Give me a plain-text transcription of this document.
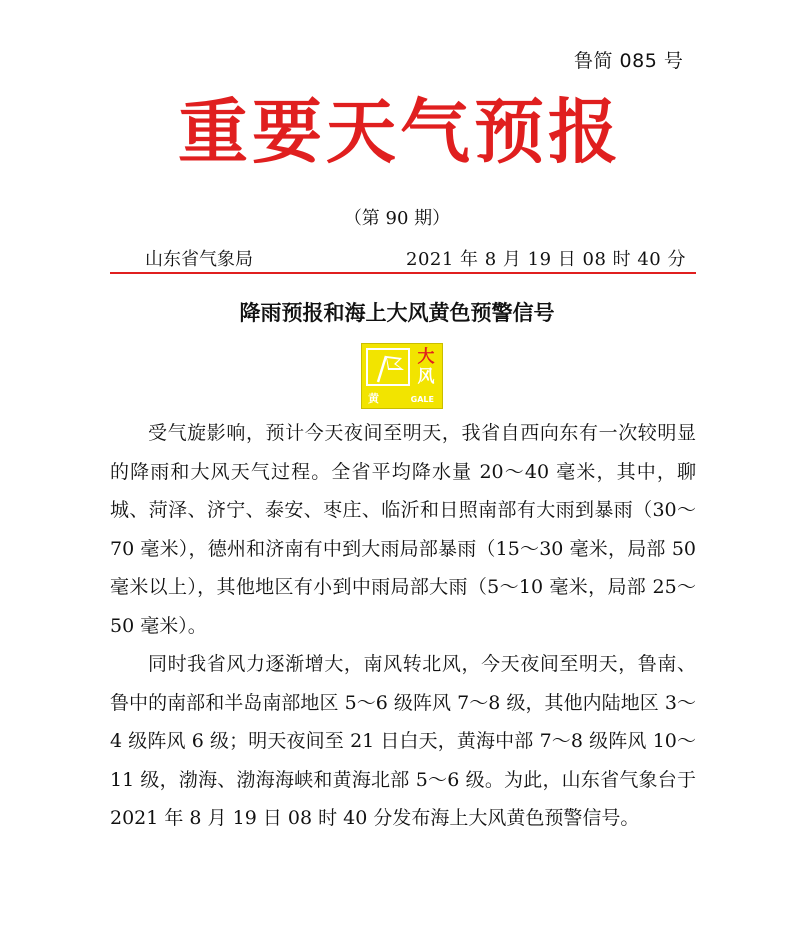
鲁简 085 号
重要天气预报
（第 90 期）
山东省气象局	2021 年 8 月 19 日 08 时 40 分
降雨预报和海上大风黄色预警信号
大
风
黄	GALE

受气旋影响，预计今天夜间至明天，我省自西向东有一次较明显的降雨和大风天气过程。全省平均降水量 20～40 毫米，其中，聊城、菏泽、济宁、泰安、枣庄、临沂和日照南部有大雨到暴雨（30～70 毫米），德州和济南有中到大雨局部暴雨（15～30 毫米，局部 50 毫米以上），其他地区有小到中雨局部大雨（5～10 毫米，局部 25～50 毫米）。

同时我省风力逐渐增大，南风转北风，今天夜间至明天，鲁南、鲁中的南部和半岛南部地区 5～6 级阵风 7～8 级，其他内陆地区 3～4 级阵风 6 级；明天夜间至 21 日白天，黄海中部 7～8 级阵风 10～11 级，渤海、渤海海峡和黄海北部 5～6 级。为此，山东省气象台于 2021 年 8 月 19 日 08 时 40 分发布海上大风黄色预警信号。
